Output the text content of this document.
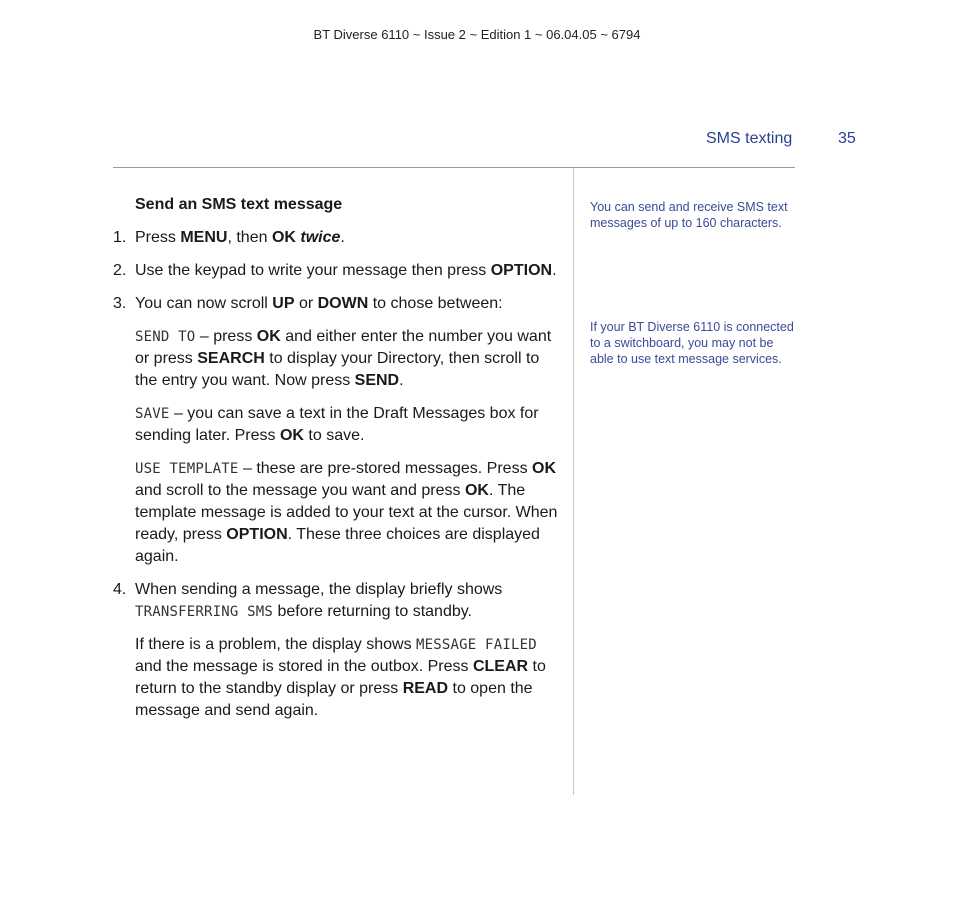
BT Diverse 6110 ~ Issue 2 ~ Edition 1 ~ 06.04.05 ~ 6794
SMS texting	35
Send an SMS text message
1. Press MENU, then OK twice.
2. Use the keypad to write your message then press OPTION.
3. You can now scroll UP or DOWN to chose between:
SEND TO – press OK and either enter the number you want or press SEARCH to display your Directory, then scroll to the entry you want. Now press SEND.
SAVE – you can save a text in the Draft Messages box for sending later. Press OK to save.
USE TEMPLATE – these are pre-stored messages. Press OK and scroll to the message you want and press OK. The template message is added to your text at the cursor. When ready, press OPTION. These three choices are displayed again.
4. When sending a message, the display briefly shows TRANSFERRING SMS before returning to standby.
If there is a problem, the display shows MESSAGE FAILED and the message is stored in the outbox. Press CLEAR to return to the standby display or press READ to open the message and send again.
You can send and receive SMS text messages of up to 160 characters.
If your BT Diverse 6110 is connected to a switchboard, you may not be able to use text message services.
